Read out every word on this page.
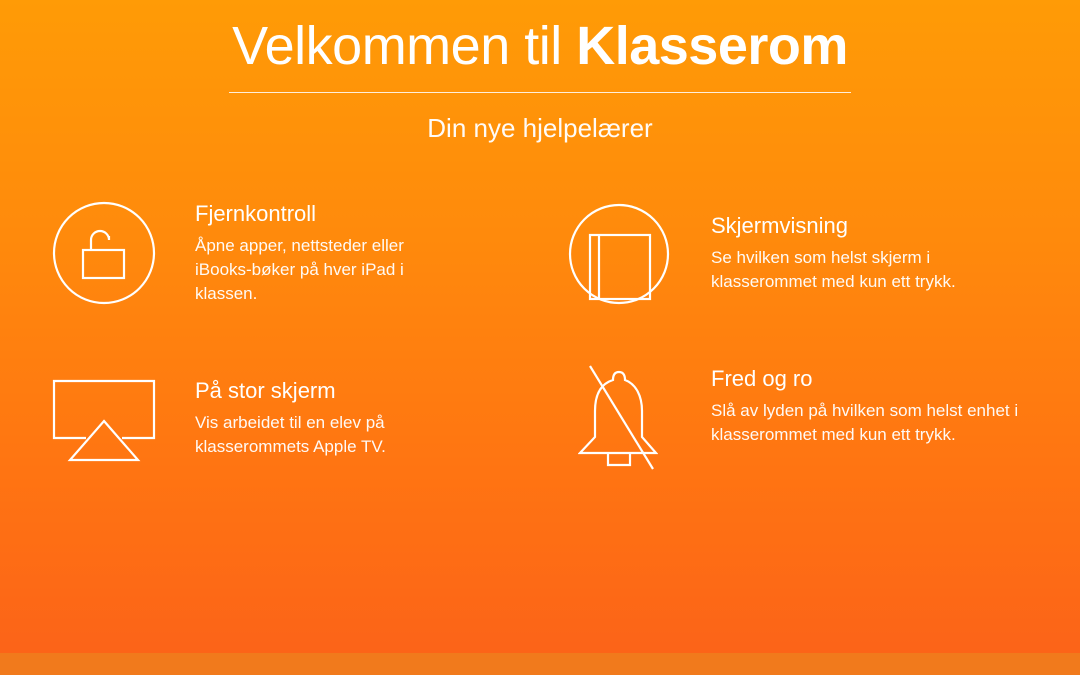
Velkommen til Klasserom
Din nye hjelpelærer
Fjernkontroll
Åpne apper, nettsteder eller iBooks-bøker på hver iPad i klassen.
Skjermvisning
Se hvilken som helst skjerm i klasserommet med kun ett trykk.
På stor skjerm
Vis arbeidet til en elev på klasserommets Apple TV.
Fred og ro
Slå av lyden på hvilken som helst enhet i klasserommet med kun ett trykk.
